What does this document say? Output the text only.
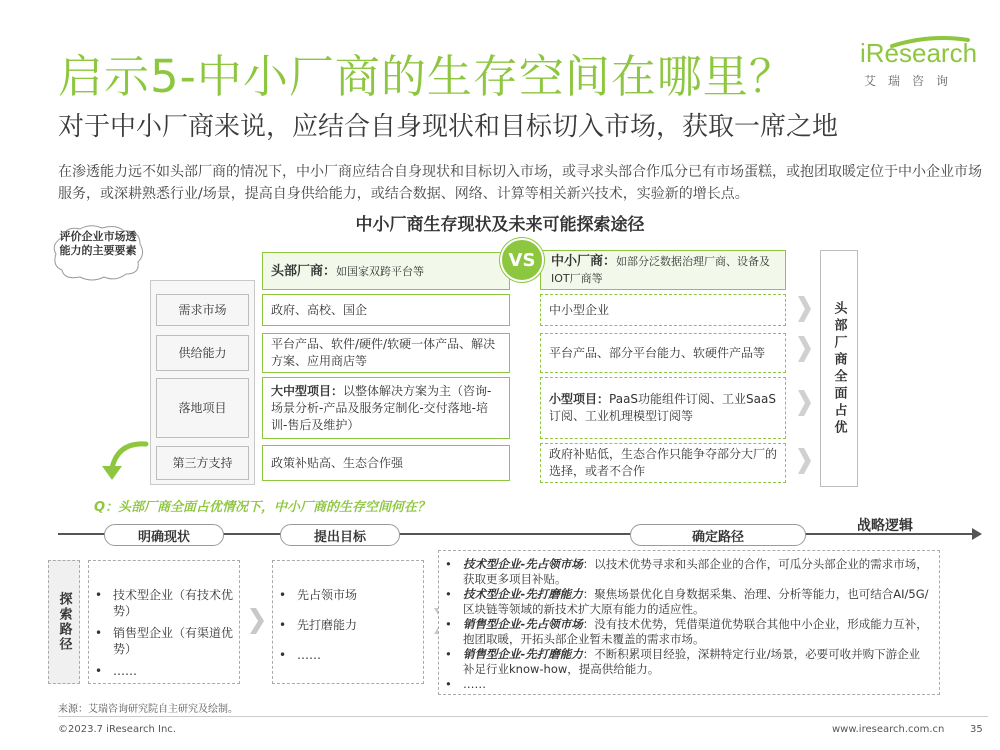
启示5-中小厂商的生存空间在哪里？
对于中小厂商来说，应结合自身现状和目标切入市场，获取一席之地
在渗透能力远不如头部厂商的情况下，中小厂商应结合自身现状和目标切入市场，或寻求头部合作瓜分已有市场蛋糕，或抱团取暖定位于中小企业市场服务，或深耕熟悉行业/场景，提高自身供给能力，或结合数据、网络、计算等相关新兴技术，实验新的增长点。
iResearch
艾瑞咨询
中小厂商生存现状及未来可能探索途径
评价企业市场透能力的主要要素
需求市场
供给能力
落地项目
第三方支持
头部厂商： 如国家双跨平台等
中小厂商：如部分泛数据治理厂商、设备及IOT厂商等
VS
政府、高校、国企
平台产品、软件/硬件/软硬一体产品、解决方案、应用商店等
大中型项目：以整体解决方案为主（咨询-场景分析-产品及服务定制化-交付落地-培训-售后及维护）
政策补贴高、生态合作强
中小型企业
平台产品、部分平台能力、软硬件产品等
小型项目：PaaS功能组件订阅、工业SaaS订阅、工业机理模型订阅等
政府补贴低，生态合作只能争夺部分大厂的选择，或者不合作
头部厂商全面占优
Q：头部厂商全面占优情况下，中小厂商的生存空间何在？
战略逻辑
明确现状	提出目标	确定路径
探索路径
•	技术型企业（有技术优势）
• 销售型企业（有渠道优势）
• ……
• 先占领市场
• 先打磨能力
• ……
• 技术型企业-先占领市场：以技术优势寻求和头部企业的合作，可瓜分头部企业的需求市场，获取更多项目补贴。
• 技术型企业-先打磨能力：聚焦场景优化自身数据采集、治理、分析等能力，也可结合AI/5G/区块链等领域的新技术扩大原有能力的适应性。
• 销售型企业-先占领市场：没有技术优势，凭借渠道优势联合其他中小企业，形成能力互补，抱团取暖，开拓头部企业暂未覆盖的需求市场。
• 销售型企业-先打磨能力：不断积累项目经验，深耕特定行业/场景，必要可收并购下游企业补足行业know-how，提高供给能力。
• ……
来源：艾瑞咨询研究院自主研究及绘制。
©2023.7 iResearch Inc.	www.iresearch.com.cn	35
